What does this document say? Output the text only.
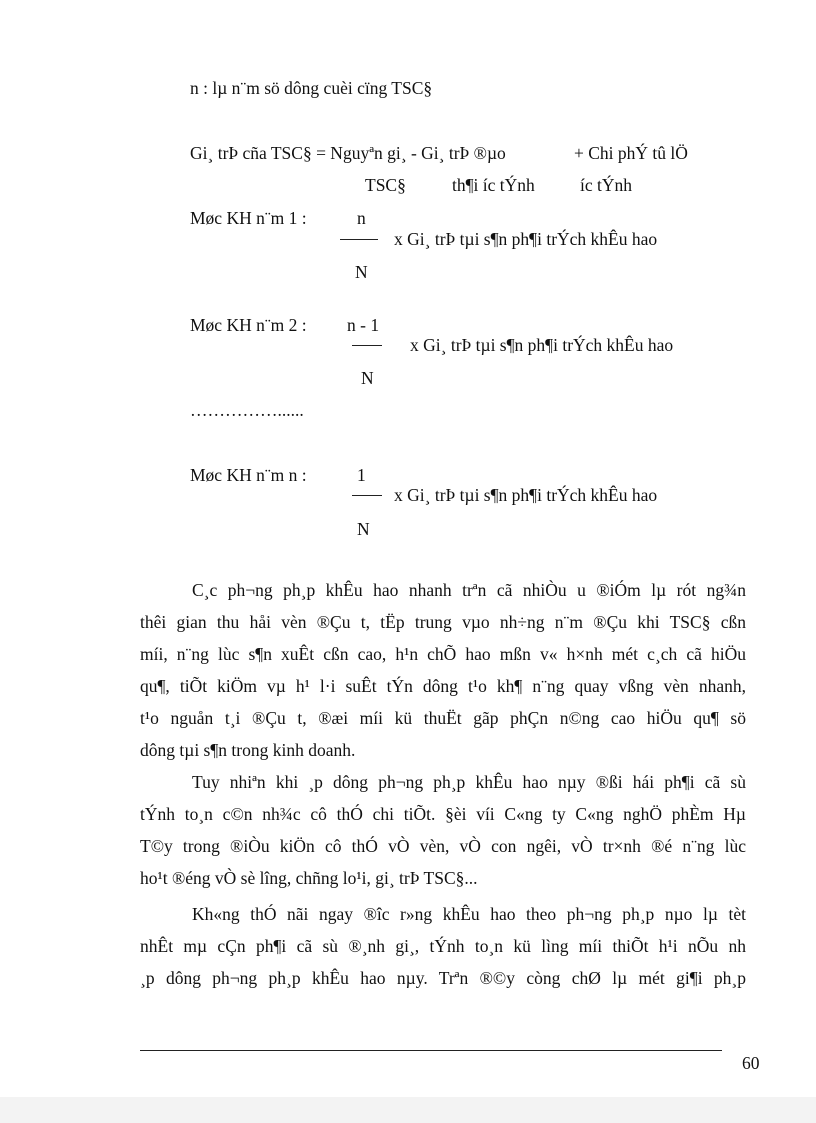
n : lµ n¨m sö dông cuèi cïng TSC§
Gi¸ trÞ cña TSC§ = Nguyªn gi¸ - Gi¸ trÞ ®µo	+ Chi phÝ tû lÖ
TSC§	th¶i íc tÝnh	íc tÝnh
Møc KH n¨m 1 :	n
x Gi¸ trÞ tµi s¶n ph¶i trÝch khÊu hao
N
Møc KH n¨m 2 : n - 1
x Gi¸ trÞ tµi s¶n ph¶i trÝch khÊu hao
N
……………......
Møc KH n¨m n :	1
x Gi¸ trÞ tµi s¶n ph¶i trÝch khÊu hao
N
C¸c ph¬ng ph¸p khÊu hao nhanh trªn cã nhiÒu u ®iÓm lµ rót ng¾n
thêi gian thu håi vèn ®Çu t, tËp trung vµo nh÷ng n¨m ®Çu khi TSC§ cßn
míi, n¨ng lùc s¶n xuÊt cßn cao, h¹n chÕ hao mßn v« h×nh mét c¸ch cã hiÖu
qu¶, tiÕt kiÖm vµ h¹ l·i suÊt tÝn dông t¹o kh¶ n¨ng quay vßng vèn nhanh,
t¹o nguån t¸i ®Çu t, ®æi míi kü thuËt gãp phÇn n©ng cao hiÖu qu¶ sö
dông tµi s¶n trong kinh doanh.
Tuy nhiªn khi ¸p dông ph¬ng ph¸p khÊu hao nµy ®ßi hái ph¶i cã sù
tÝnh to¸n c©n nh¾c cô thÓ chi tiÕt. §èi víi C«ng ty C«ng nghÖ phÈm Hµ
T©y trong ®iÒu kiÖn cô thÓ vÒ vèn, vÒ con ngêi, vÒ tr×nh ®é n¨ng lùc
ho¹t ®éng vÒ sè lîng, chñng lo¹i, gi¸ trÞ TSC§...
Kh«ng thÓ nãi ngay ®îc r»ng khÊu hao theo ph¬ng ph¸p nµo lµ tèt
nhÊt mµ cÇn ph¶i cã sù ®¸nh gi¸, tÝnh to¸n kü lìng míi thiÕt h¹i nÕu nh
¸p dông ph¬ng ph¸p khÊu hao nµy. Trªn ®©y còng chØ lµ mét gi¶i ph¸p
60
